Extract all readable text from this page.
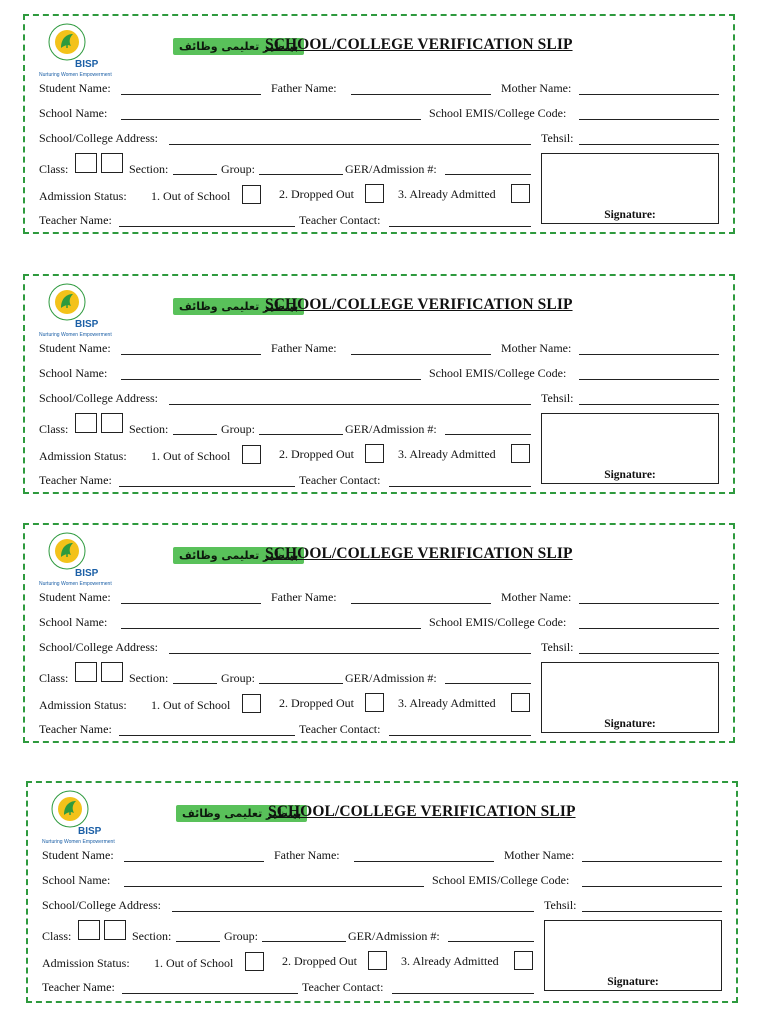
BISP
Nurturing Women Empowerment
بینظیر تعلیمی وظائف
SCHOOL/COLLEGE VERIFICATION SLIP
Student Name:	Father Name:	Mother Name:
School Name:	School EMIS/College Code:
School/College Address:	Tehsil:
Class:	Section:	Group:	GER/Admission #:
Admission Status: 1. Out of School	2. Dropped Out	3. Already Admitted
Teacher Name:	Teacher Contact:	Signature:
BISP
Nurturing Women Empowerment
بینظیر تعلیمی وظائف
SCHOOL/COLLEGE VERIFICATION SLIP
Student Name:	Father Name:	Mother Name:
School Name:	School EMIS/College Code:
School/College Address:	Tehsil:
Class:	Section:	Group:	GER/Admission #:
Admission Status: 1. Out of School	2. Dropped Out	3. Already Admitted
Teacher Name:	Teacher Contact:	Signature:
BISP
Nurturing Women Empowerment
بینظیر تعلیمی وظائف
SCHOOL/COLLEGE VERIFICATION SLIP
Student Name:	Father Name:	Mother Name:
School Name:	School EMIS/College Code:
School/College Address:	Tehsil:
Class:	Section:	Group:	GER/Admission #:
Admission Status: 1. Out of School	2. Dropped Out	3. Already Admitted
Teacher Name:	Teacher Contact:	Signature:
BISP
Nurturing Women Empowerment
بینظیر تعلیمی وظائف
SCHOOL/COLLEGE VERIFICATION SLIP
Student Name:	Father Name:	Mother Name:
School Name:	School EMIS/College Code:
School/College Address:	Tehsil:
Class:	Section:	Group:	GER/Admission #:
Admission Status: 1. Out of School	2. Dropped Out	3. Already Admitted
Teacher Name:	Teacher Contact:	Signature:
